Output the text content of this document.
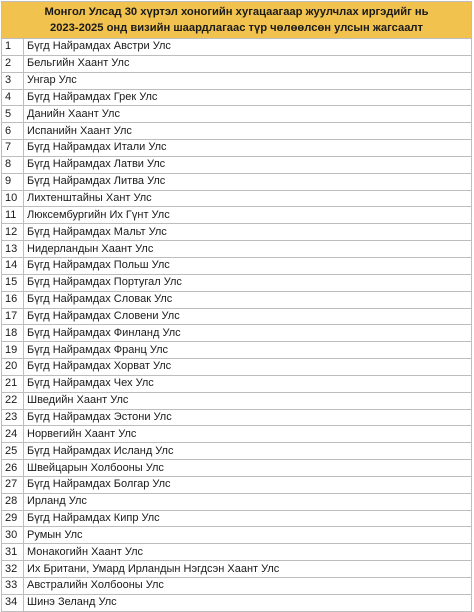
Монгол Улсад 30 хүртэл хоногийн хугацаагаар жуулчлах иргэдийг нь
2023-2025 онд визийн шаардлагаас түр чөлөөлсөн улсын жагсаалт	

1	Бүгд Найрамдах Австри Улс
2	Бельгийн Хаант Улс
3	Унгар Улс
4	Бүгд Найрамдах Грек Улс
5	Данийн Хаант Улс
6	Испанийн Хаант Улс
7	Бүгд Найрамдах Итали Улс
8	Бүгд Найрамдах Латви Улс
9	Бүгд Найрамдах Литва Улс
10	Лихтенштайны Хант Улс
11	Люксембургийн Их Гүнт Улс
12	Бүгд Найрамдах Мальт Улс
13	Нидерландын Хаант Улс
14	Бүгд Найрамдах Польш Улс
15	Бүгд Найрамдах Португал Улс
16	Бүгд Найрамдах Словак Улс
17	Бүгд Найрамдах Словени Улс
18	Бүгд Найрамдах Финланд Улс
19	Бүгд Найрамдах Франц Улс
20	Бүгд Найрамдах Хорват Улс
21	Бүгд Найрамдах Чех Улс
22	Шведийн Хаант Улс
23	Бүгд Найрамдах Эстони Улс
24	Норвегийн Хаант Улс
25	Бүгд Найрамдах Исланд Улс
26	Швейцарын Холбооны Улс
27	Бүгд Найрамдах Болгар Улс
28	Ирланд Улс
29	Бүгд Найрамдах Кипр Улс
30	Румын Улс
31	Монакогийн Хаант Улс
32	Их Британи, Умард Ирландын Нэгдсэн Хаант Улс
33	Австралийн Холбооны Улс
34	Шинэ Зеланд Улс
